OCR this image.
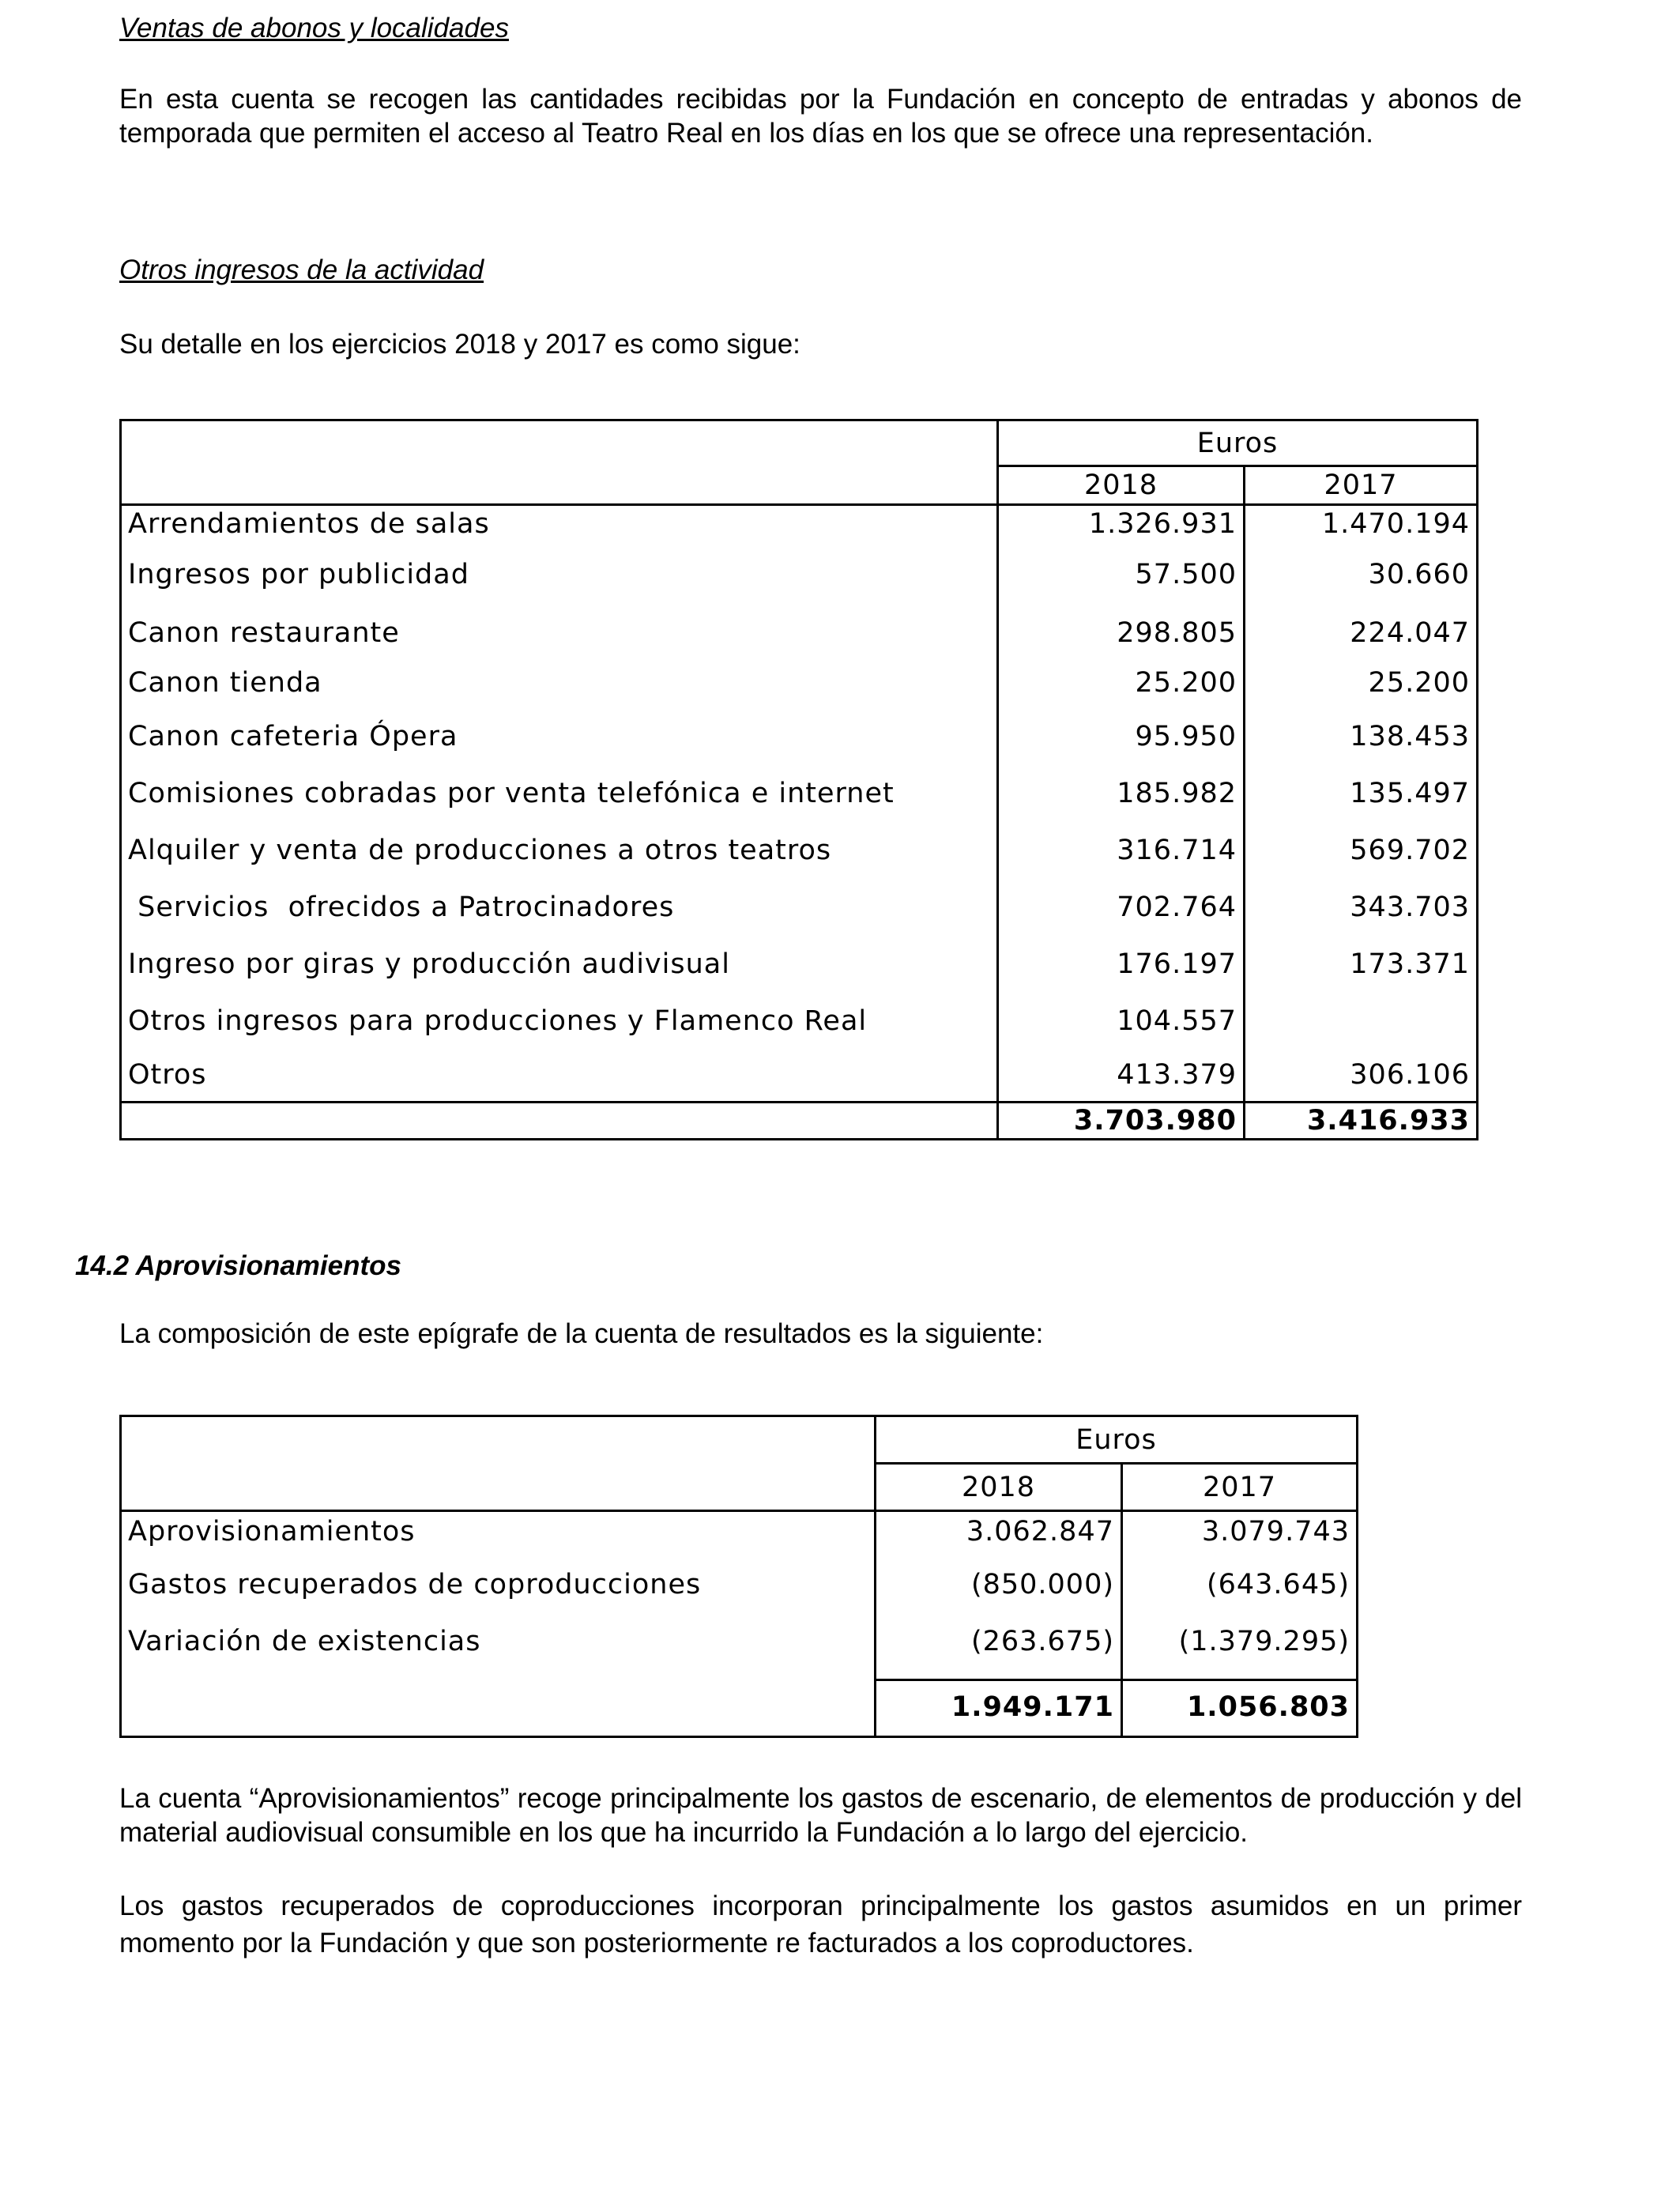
Ventas de abonos y localidades
En esta cuenta se recogen las cantidades recibidas por la Fundación en concepto de entradas y abonos de temporada que permiten el acceso al Teatro Real en los días en los que se ofrece una representación.
Otros ingresos de la actividad
Su detalle en los ejercicios 2018 y 2017 es como sigue:
	Euros	
	2018	2017
Arrendamientos de salas	1.326.931	1.470.194
Ingresos por publicidad	57.500	30.660
Canon restaurante	298.805	224.047
Canon tienda	25.200	25.200
Canon cafeteria Ópera	95.950	138.453
Comisiones cobradas por venta telefónica e internet	185.982	135.497
Alquiler y venta de producciones a otros teatros	316.714	569.702
Servicios  ofrecidos a Patrocinadores	702.764	343.703
Ingreso por giras y producción audivisual	176.197	173.371
Otros ingresos para producciones y Flamenco Real	104.557	
Otros	413.379	306.106
	3.703.980	3.416.933
14.2 Aprovisionamientos
La composición de este epígrafe de la cuenta de resultados es la siguiente:
	Euros	
	2018	2017
Aprovisionamientos	3.062.847	3.079.743
Gastos recuperados de coproducciones	(850.000)	(643.645)
Variación de existencias	(263.675)	(1.379.295)
	1.949.171	1.056.803
La cuenta “Aprovisionamientos” recoge principalmente los gastos de escenario, de elementos de producción y del material audiovisual consumible en los que ha incurrido la Fundación a lo largo del ejercicio.
Los gastos recuperados de coproducciones incorporan principalmente los gastos asumidos en un primer momento por la Fundación y que son posteriormente re facturados a los coproductores.
